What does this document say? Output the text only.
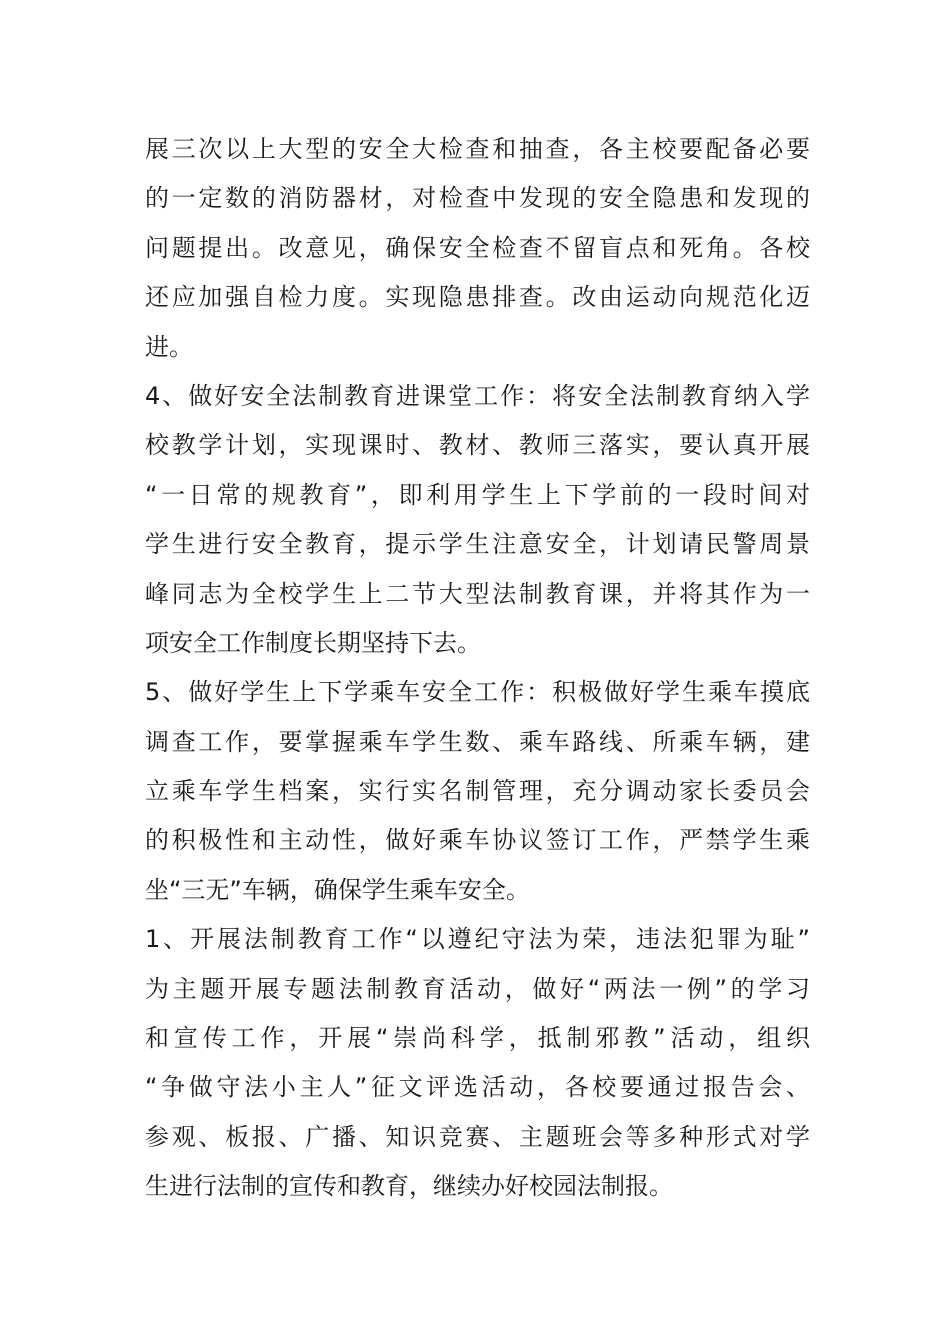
展三次以上大型的安全大检查和抽查，各主校要配备必要
的一定数的消防器材，对检查中发现的安全隐患和发现的
问题提出。改意见，确保安全检查不留盲点和死角。各校
还应加强自检力度。实现隐患排查。改由运动向规范化迈
进。
4、做好安全法制教育进课堂工作：将安全法制教育纳入学
校教学计划，实现课时、教材、教师三落实，要认真开展
“一日常的规教育”，即利用学生上下学前的一段时间对
学生进行安全教育，提示学生注意安全，计划请民警周景
峰同志为全校学生上二节大型法制教育课，并将其作为一
项安全工作制度长期坚持下去。
5、做好学生上下学乘车安全工作：积极做好学生乘车摸底
调查工作，要掌握乘车学生数、乘车路线、所乘车辆，建
立乘车学生档案，实行实名制管理，充分调动家长委员会
的积极性和主动性，做好乘车协议签订工作，严禁学生乘
坐“三无”车辆，确保学生乘车安全。
1、开展法制教育工作“以遵纪守法为荣，违法犯罪为耻”
为主题开展专题法制教育活动，做好“两法一例”的学习
和宣传工作，开展“崇尚科学，抵制邪教”活动，组织
“争做守法小主人”征文评选活动，各校要通过报告会、
参观、板报、广播、知识竞赛、主题班会等多种形式对学
生进行法制的宣传和教育，继续办好校园法制报。
